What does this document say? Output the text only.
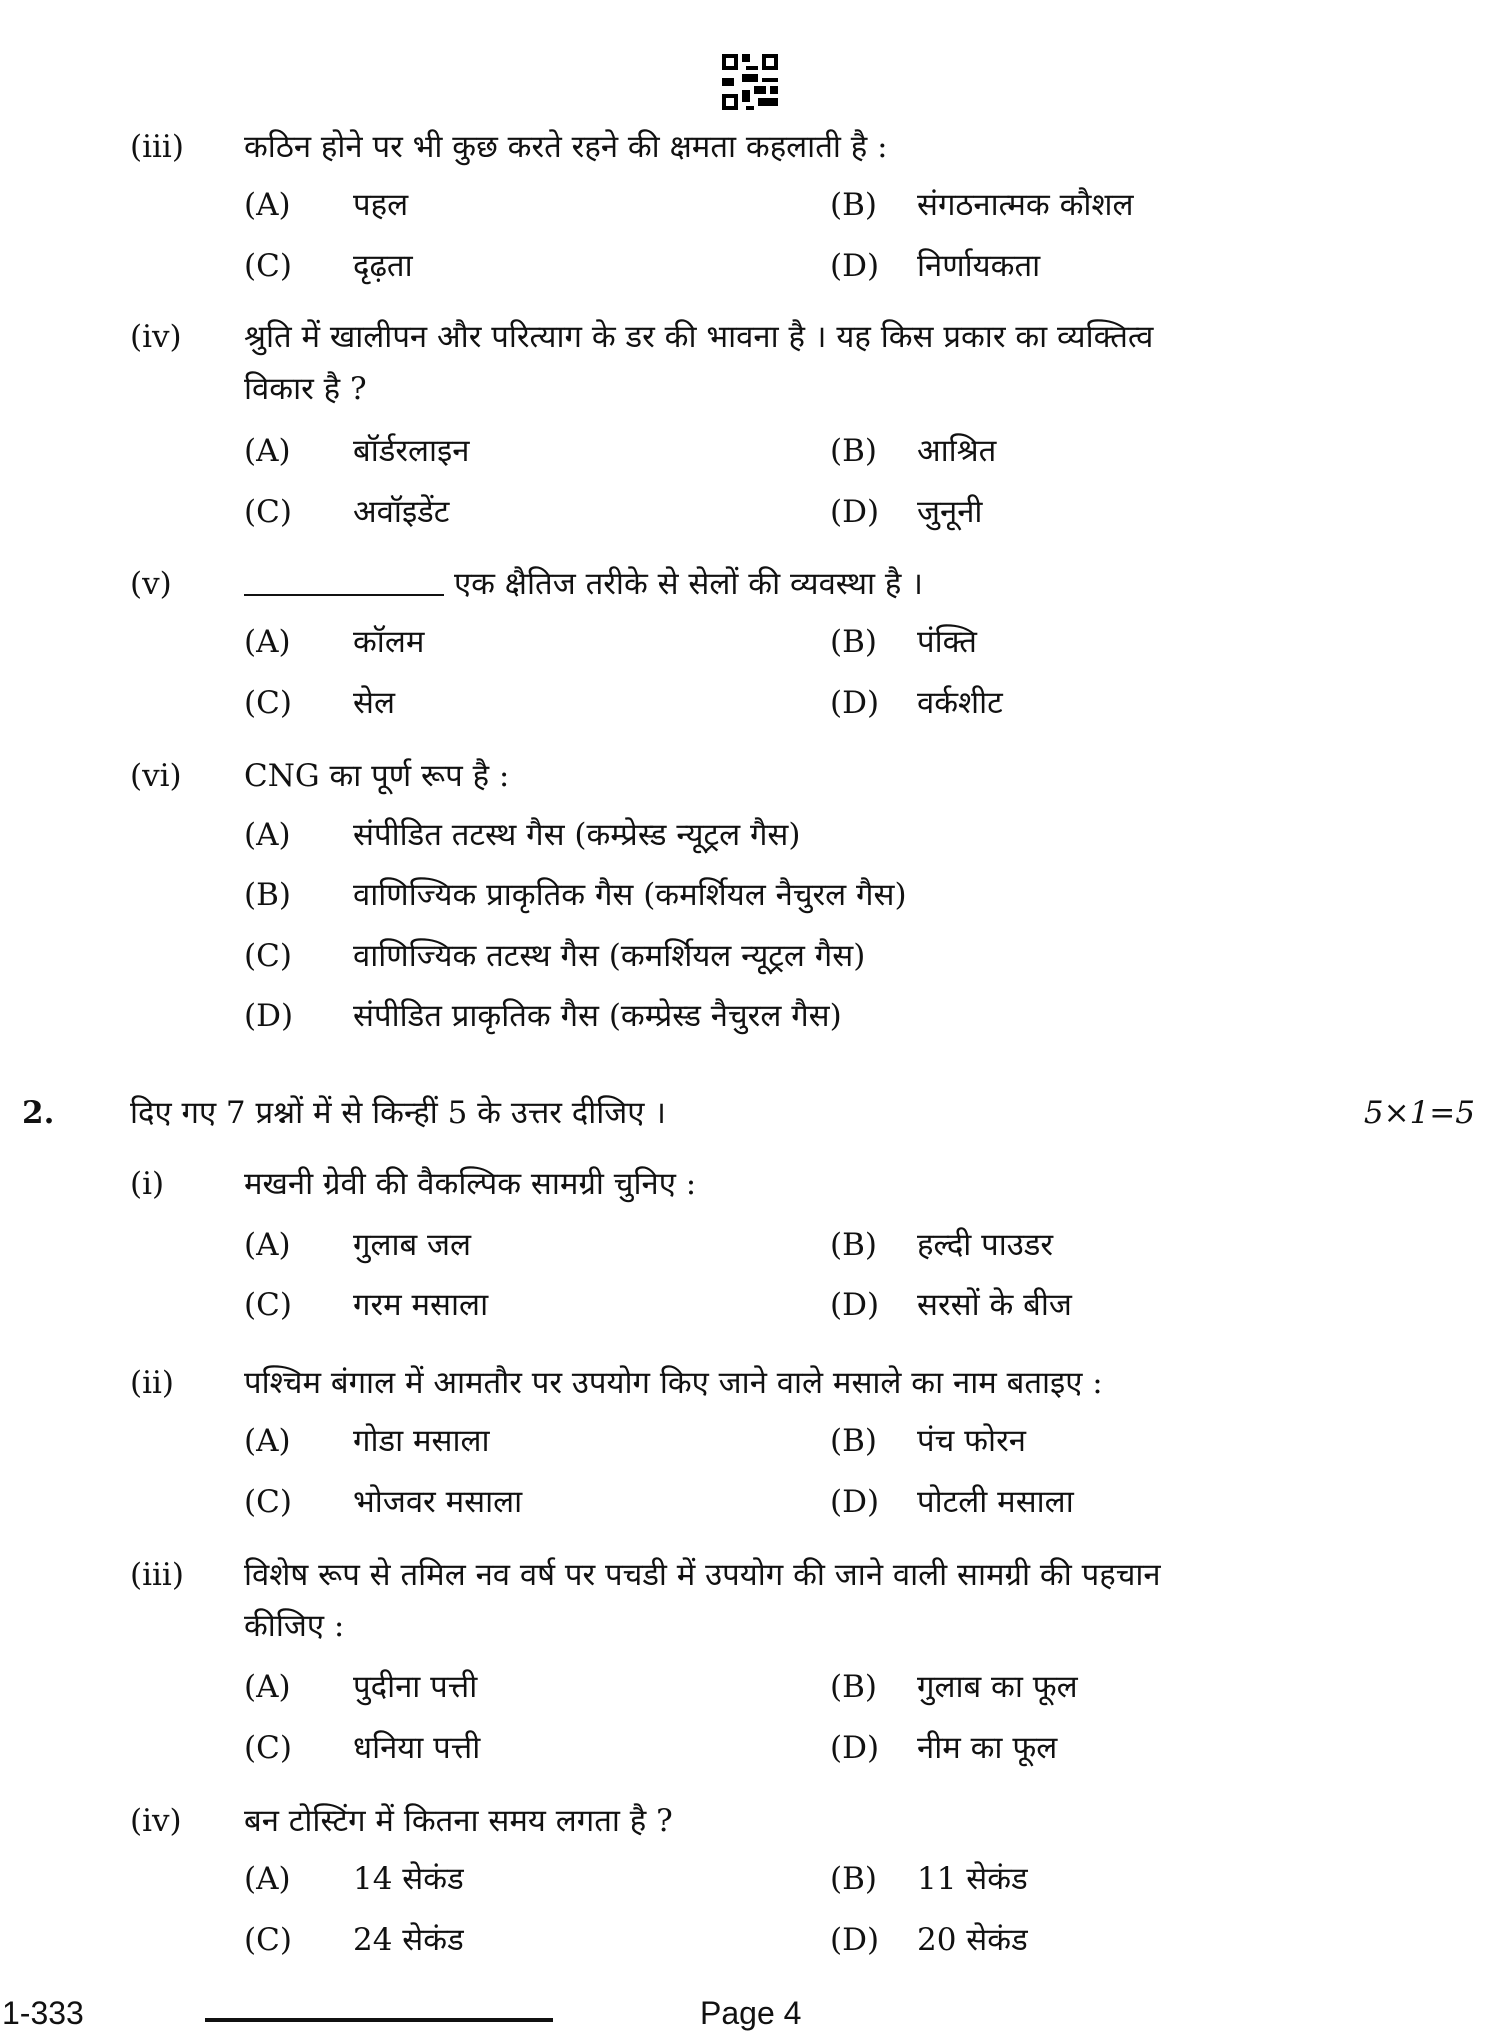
(iii) कठिन होने पर भी कुछ करते रहने की क्षमता कहलाती है :
(A) पहल	(B) संगठनात्मक कौशल
(C) दृढ़ता	(D) निर्णायकता
(iv) श्रुति में खालीपन और परित्याग के डर की भावना है । यह किस प्रकार का व्यक्तित्व
विकार है ?
(A) बॉर्डरलाइन	(B) आश्रित
(C) अवॉइडेंट	(D) जुनूनी
(v)	एक क्षैतिज तरीके से सेलों की व्यवस्था है ।
(A) कॉलम	(B) पंक्ति
(C) सेल	(D) वर्कशीट
(vi) CNG का पूर्ण रूप है :
(A) संपीडित तटस्थ गैस (कम्प्रेस्ड न्यूट्रल गैस)
(B) वाणिज्यिक प्राकृतिक गैस (कमर्शियल नैचुरल गैस)
(C) वाणिज्यिक तटस्थ गैस (कमर्शियल न्यूट्रल गैस)
(D) संपीडित प्राकृतिक गैस (कम्प्रेस्ड नैचुरल गैस)
2. दिए गए 7 प्रश्नों में से किन्हीं 5 के उत्तर दीजिए ।	5×1=5
(i)	मखनी ग्रेवी की वैकल्पिक सामग्री चुनिए :
(A) गुलाब जल	(B) हल्दी पाउडर
(C) गरम मसाला	(D) सरसों के बीज
(ii) पश्चिम बंगाल में आमतौर पर उपयोग किए जाने वाले मसाले का नाम बताइए :
(A) गोडा मसाला	(B) पंच फोरन
(C) भोजवर मसाला	(D) पोटली मसाला
(iii) विशेष रूप से तमिल नव वर्ष पर पचडी में उपयोग की जाने वाली सामग्री की पहचान
कीजिए :
(A) पुदीना पत्ती	(B) गुलाब का फूल
(C) धनिया पत्ती	(D) नीम का फूल
(iv) बन टोस्टिंग में कितना समय लगता है ?
(A) 14 सेकंड	(B) 11 सेकंड
(C) 24 सेकंड	(D) 20 सेकंड
1-333	Page 4
